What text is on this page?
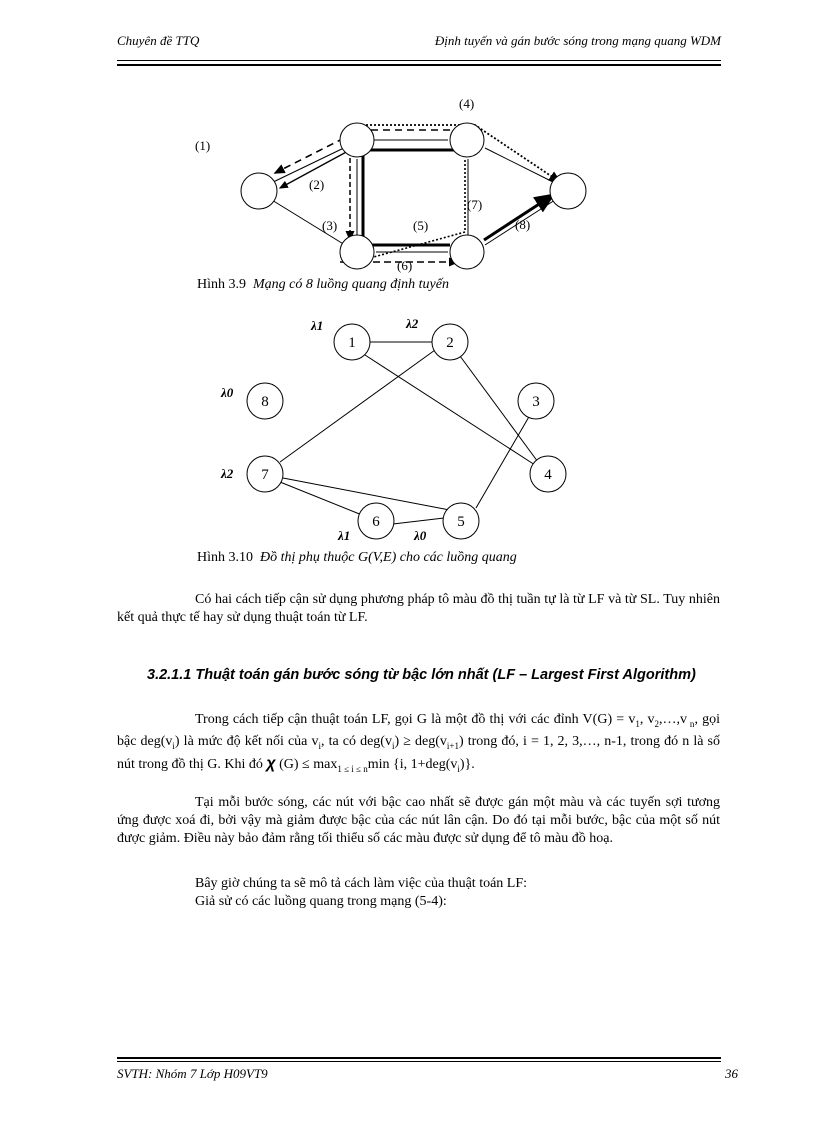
Chuyên đề TTQ	Định tuyến và gán bước sóng trong mạng quang WDM
(1)
(2)
(3)
(4)
(5)
(6)
(7)
(8)
Hình 3.9 Mạng có 8 luồng quang định tuyến
1	2
3
4
5
6
7
8
λ1	λ2
λ0
λ2
λ1	λ0
Hình 3.10 Đồ thị phụ thuộc G(V,E) cho các luồng quang
Có hai cách tiếp cận sử dụng phương pháp tô màu đồ thị tuần tự là từ LF và từ SL. Tuy nhiên kết quả thực tế hay sử dụng thuật toán từ LF.
3.2.1.1 Thuật toán gán bước sóng từ bậc lớn nhất (LF – Largest First Algorithm)
Trong cách tiếp cận thuật toán LF, gọi G là một đồ thị với các đỉnh $V(G) = v_1$, $v_2,\dots,v$ $_n$, gọi bậc $deg(v_i)$ là mức độ kết nối của $v_i$, ta có $deg(v_i) \ge deg(v_{i+1})$ trong đó, i = 1, 2, 3,…, n-1, trong đó n là số nút trong đồ thị G. Khi đó χ $(G) \le \max_{1 \le i \le n}\min$ {i, $1+deg(v_i)$}.
Tại mỗi bước sóng, các nút với bậc cao nhất sẽ được gán một màu và các tuyến sợi tương ứng được xoá đi, bởi vậy mà giảm được bậc của các nút lân cận. Do đó tại mỗi bước, bậc của một số nút được giảm. Điều này bảo đảm rằng tối thiểu số các màu được sử dụng để tô màu đồ hoạ.
Bây giờ chúng ta sẽ mô tả cách làm việc của thuật toán LF:
Giả sử có các luồng quang trong mạng (5-4):
SVTH: Nhóm 7 Lớp H09VT9	36
